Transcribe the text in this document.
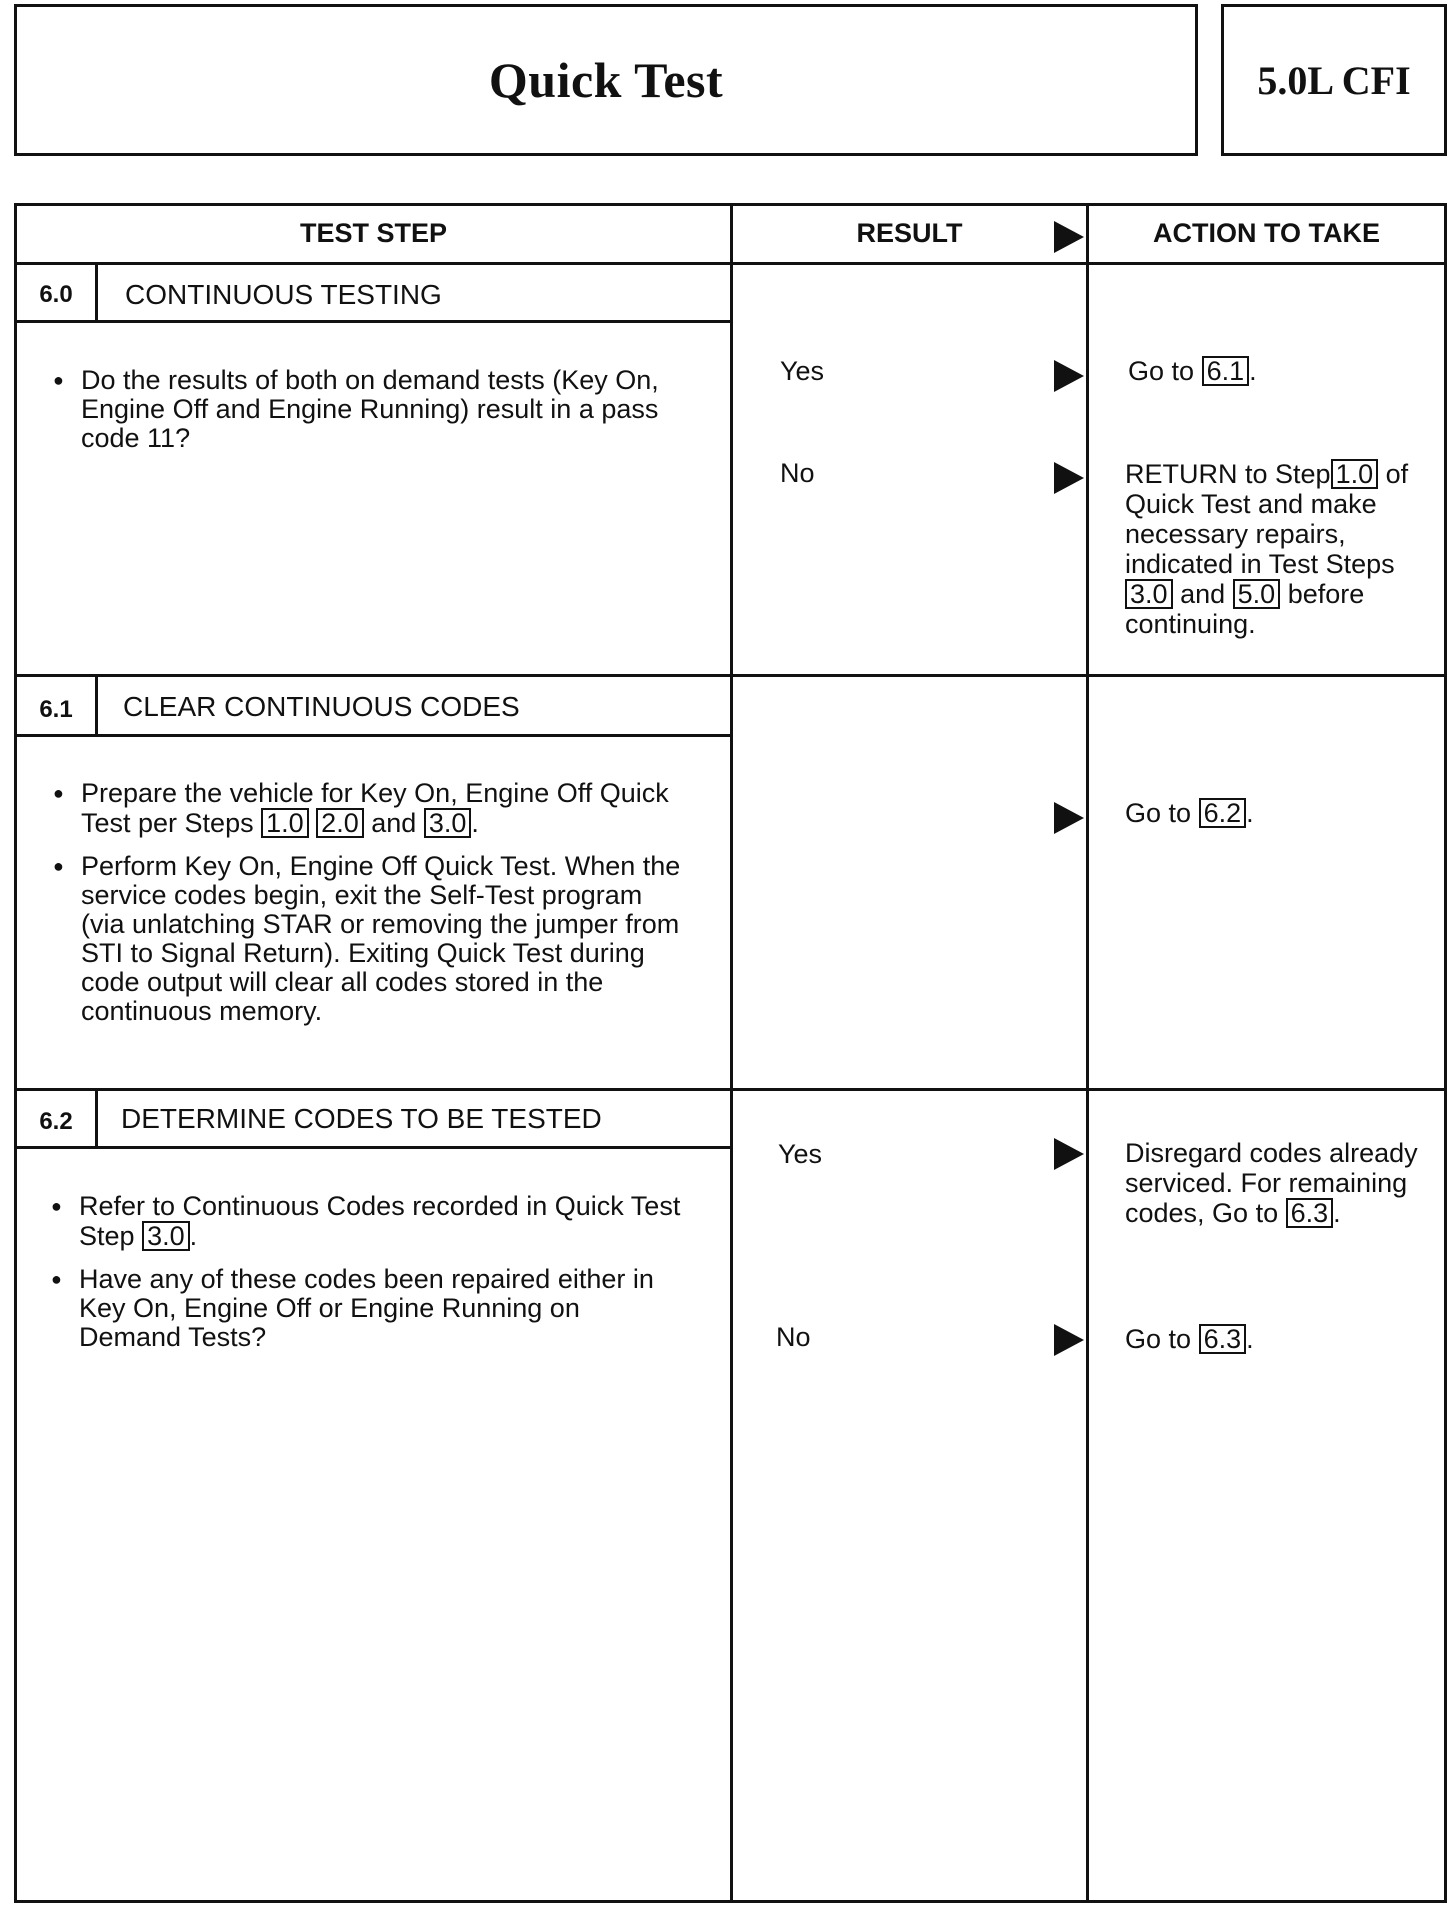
Quick Test	5.0L CFI
TEST STEP	RESULT	ACTION TO TAKE
6.0	CONTINUOUS TESTING
● Do the results of both on demand tests (Key On, Engine Off and Engine Running) result in a pass code 11?
Yes	Go to 6.1 .
No	RETURN to Step 1.0 of Quick Test and make necessary repairs, indicated in Test Steps 3.0 and 5.0 before continuing.
6.1	CLEAR CONTINUOUS CODES
● Prepare the vehicle for Key On, Engine Off Quick Test per Steps 1.0 2.0 and 3.0 .
● Perform Key On, Engine Off Quick Test. When the service codes begin, exit the Self-Test program (via unlatching STAR or removing the jumper from STI to Signal Return). Exiting Quick Test during code output will clear all codes stored in the continuous memory.
Go to 6.2 .
6.2	DETERMINE CODES TO BE TESTED
● Refer to Continuous Codes recorded in Quick Test Step 3.0 .
● Have any of these codes been repaired either in Key On, Engine Off or Engine Running on Demand Tests?
Yes	Disregard codes already serviced. For remaining codes, Go to 6.3 .
No	Go to 6.3 .
